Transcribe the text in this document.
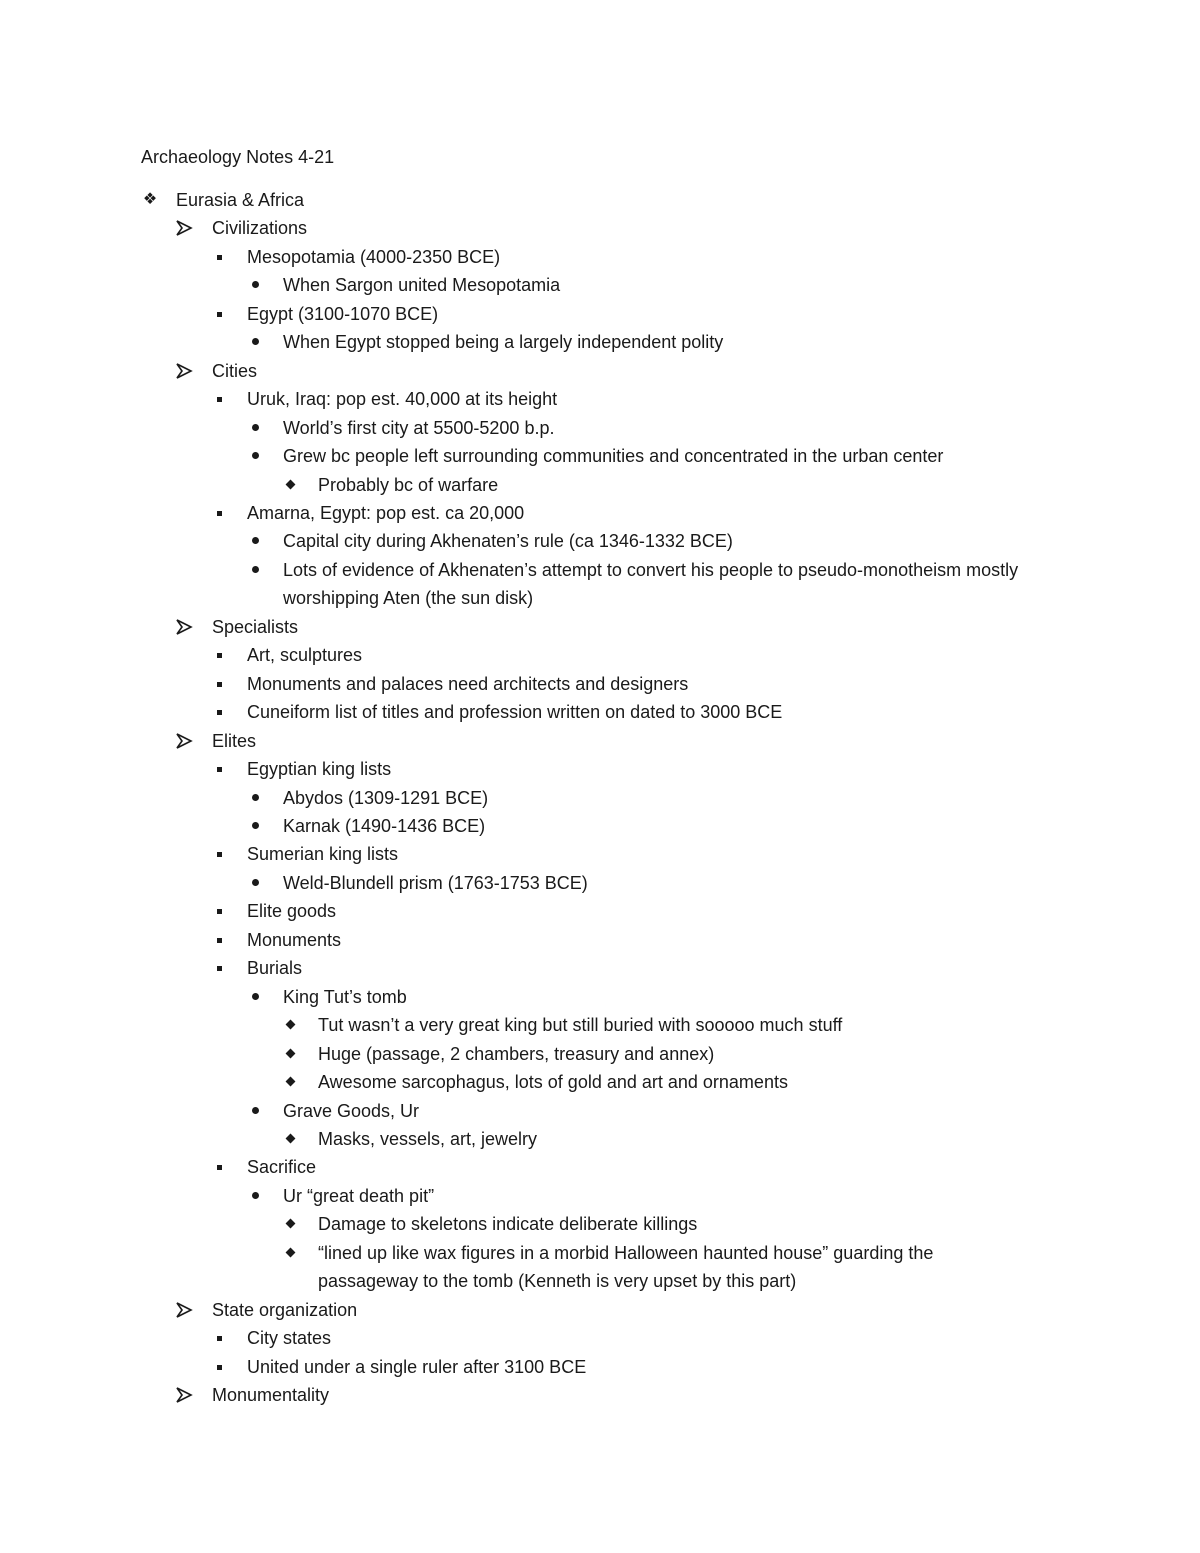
Archaeology Notes 4-21
❖ Eurasia & Africa
Civilizations
Mesopotamia (4000-2350 BCE)
When Sargon united Mesopotamia
Egypt (3100-1070 BCE)
When Egypt stopped being a largely independent polity
Cities
Uruk, Iraq: pop est. 40,000 at its height
World’s first city at 5500-5200 b.p.
Grew bc people left surrounding communities and concentrated in the urban center
Probably bc of warfare
Amarna, Egypt: pop est. ca 20,000
Capital city during Akhenaten’s rule (ca 1346-1332 BCE)
Lots of evidence of Akhenaten’s attempt to convert his people to pseudo-monotheism mostly worshipping Aten (the sun disk)
Specialists
Art, sculptures
Monuments and palaces need architects and designers
Cuneiform list of titles and profession written on dated to 3000 BCE
Elites
Egyptian king lists
Abydos (1309-1291 BCE)
Karnak (1490-1436 BCE)
Sumerian king lists
Weld-Blundell prism (1763-1753 BCE)
Elite goods
Monuments
Burials
King Tut’s tomb
Tut wasn’t a very great king but still buried with sooooo much stuff
Huge (passage, 2 chambers, treasury and annex)
Awesome sarcophagus, lots of gold and art and ornaments
Grave Goods, Ur
Masks, vessels, art, jewelry
Sacrifice
Ur “great death pit”
Damage to skeletons indicate deliberate killings
“lined up like wax figures in a morbid Halloween haunted house” guarding the passageway to the tomb (Kenneth is very upset by this part)
State organization
City states
United under a single ruler after 3100 BCE
Monumentality
